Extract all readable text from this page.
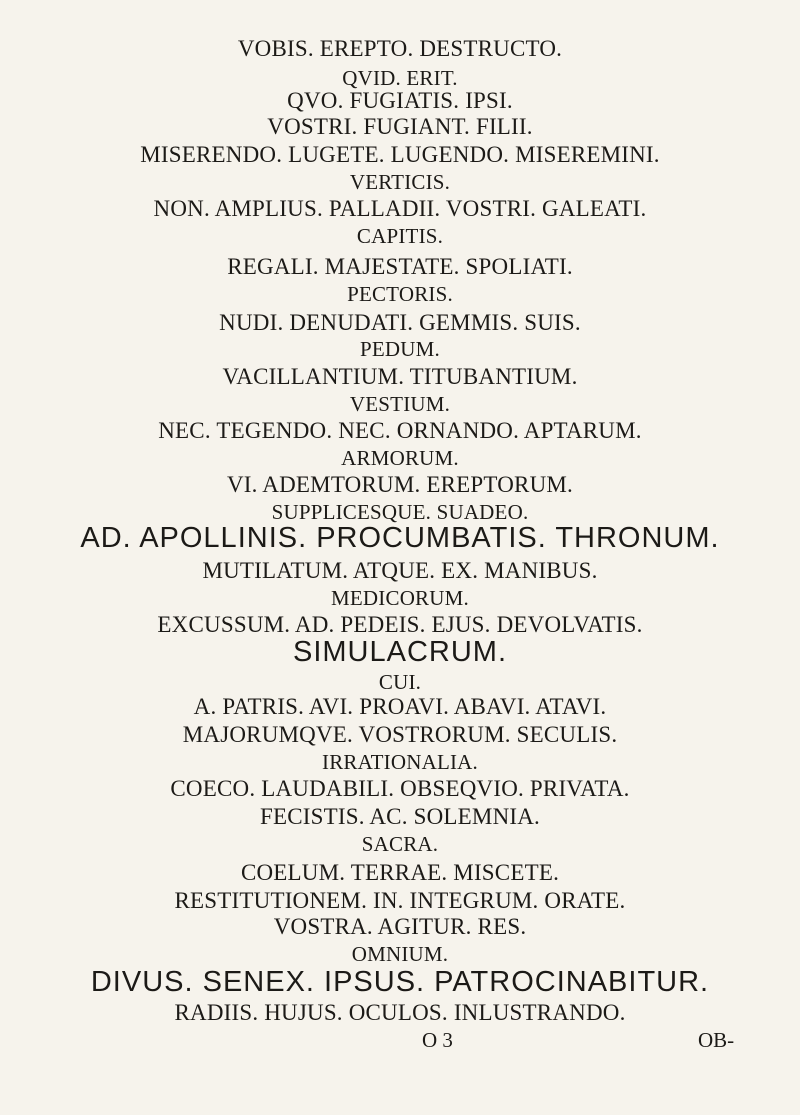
VOBIS. EREPTO. DESTRUCTO.
QVID. ERIT.
QVO. FUGIATIS. IPSI.
VOSTRI. FUGIANT. FILII.
MISERENDO. LUGETE. LUGENDO. MISEREMINI.
VERTICIS.
NON. AMPLIUS. PALLADII. VOSTRI. GALEATI.
CAPITIS.
REGALI. MAJESTATE. SPOLIATI.
PECTORIS.
NUDI. DENUDATI. GEMMIS. SUIS.
PEDUM.
VACILLANTIUM. TITUBANTIUM.
VESTIUM.
NEC. TEGENDO. NEC. ORNANDO. APTARUM.
ARMORUM.
VI. ADEMTORUM. EREPTORUM.
SUPPLICESQUE. SUADEO.
AD. APOLLINIS. PROCUMBATIS. THRONUM.
MUTILATUM. ATQUE. EX. MANIBUS.
MEDICORUM.
EXCUSSUM. AD. PEDEIS. EJUS. DEVOLVATIS.
SIMULACRUM.
CUI.
A. PATRIS. AVI. PROAVI. ABAVI. ATAVI.
MAJORUMQVE. VOSTRORUM. SECULIS.
IRRATIONALIA.
COECO. LAUDABILI. OBSEQVIO. PRIVATA.
FECISTIS. AC. SOLEMNIA.
SACRA.
COELUM. TERRAE. MISCETE.
RESTITUTIONEM. IN. INTEGRUM. ORATE.
VOSTRA. AGITUR. RES.
OMNIUM.
DIVUS. SENEX. IPSUS. PATROCINABITUR.
RADIIS. HUJUS. OCULOS. INLUSTRANDO.
O 3	OB-
